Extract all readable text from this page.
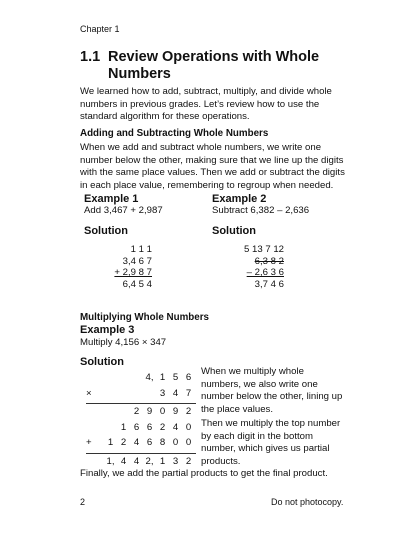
Chapter 1
1.1 Review Operations with Whole
Numbers
We learned how to add, subtract, multiply, and divide whole numbers in previous grades. Let’s review how to use the standard algorithm for these operations.
Adding and Subtracting Whole Numbers
When we add and subtract whole numbers, we write one number below the other, making sure that we line up the digits with the same place values. Then we add or subtract the digits in each place value, remembering to regroup when needed.
Example 1
Add 3,467 + 2,987
Solution
1 1 1
3,4 6 7
+ 2,9 8 7
6,4 5 4
Example 2
Subtract 6,382 – 2,636
Solution
5 13 7 12
6,3 8 2
– 2,6 3 6
3,7 4 6
Multiplying Whole Numbers
Example 3
Multiply 4,156 × 347
Solution
4, 1 5 6
×	3 4 7
2 9 0 9 2
1 6 6 2 4 0
+	1 2 4 6 8 0 0
1, 4 4 2, 1 3 2
When we multiply whole numbers, we also write one number below the other, lining up the place values.
Then we multiply the top number by each digit in the bottom number, which gives us partial products.
Finally, we add the partial products to get the final product.
2	Do not photocopy.
